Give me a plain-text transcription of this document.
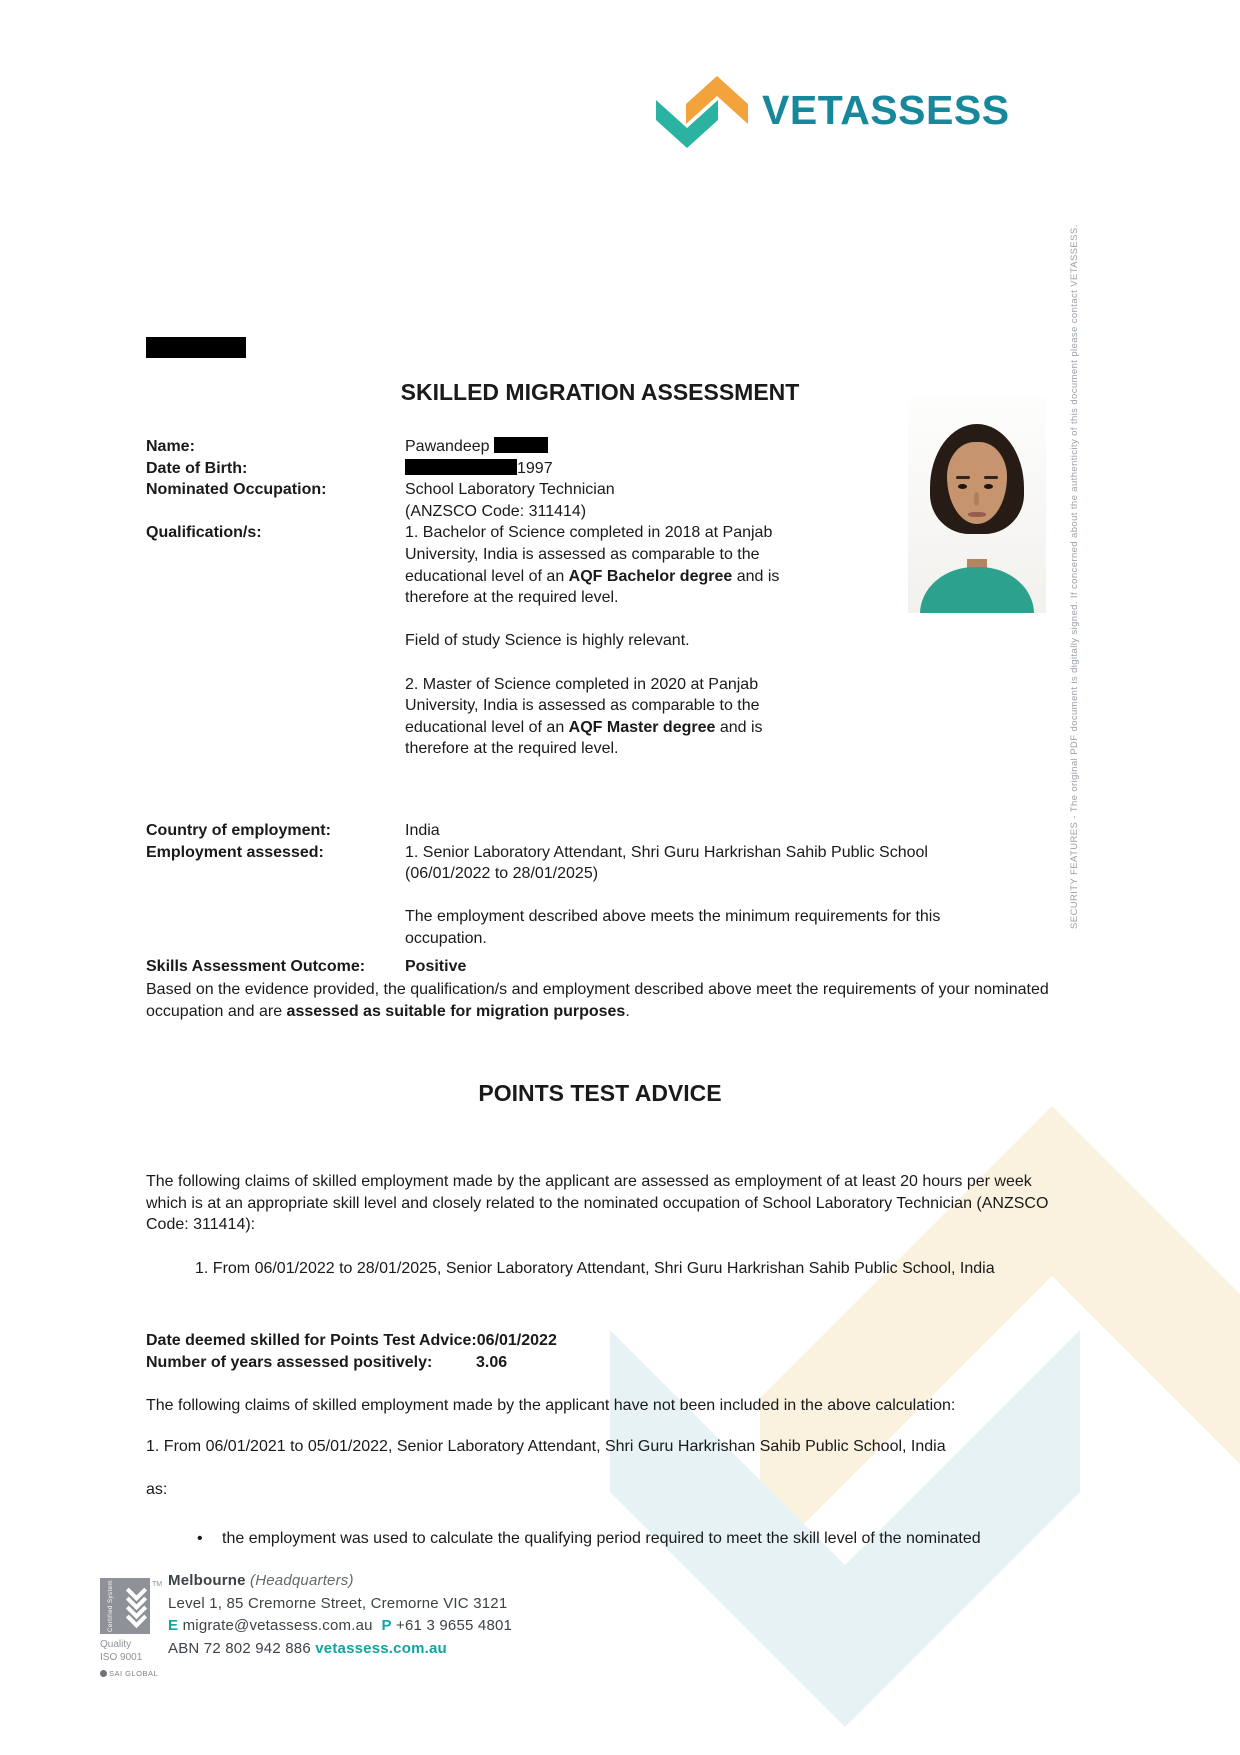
VETASSESS
SECURITY FEATURES - The original PDF document is digitally signed. If concerned about the authenticity of this document please contact VETASSESS.
SKILLED MIGRATION ASSESSMENT
Name:	Pawandeep
Date of Birth:	1997
Nominated Occupation:	School Laboratory Technician
(ANZSCO Code: 311414)
Qualification/s:	1. Bachelor of Science completed in 2018 at Panjab University, India is assessed as comparable to the educational level of an AQF Bachelor degree and is therefore at the required level.
Field of study Science is highly relevant.
2. Master of Science completed in 2020 at Panjab University, India is assessed as comparable to the educational level of an AQF Master degree and is therefore at the required level.
Country of employment:	India
Employment assessed:	1. Senior Laboratory Attendant, Shri Guru Harkrishan Sahib Public School (06/01/2022 to 28/01/2025)
The employment described above meets the minimum requirements for this occupation.
Skills Assessment Outcome:	Positive
Based on the evidence provided, the qualification/s and employment described above meet the requirements of your nominated occupation and are assessed as suitable for migration purposes.
POINTS TEST ADVICE
The following claims of skilled employment made by the applicant are assessed as employment of at least 20 hours per week which is at an appropriate skill level and closely related to the nominated occupation of School Laboratory Technician (ANZSCO Code: 311414):
1. From 06/01/2022 to 28/01/2025, Senior Laboratory Attendant, Shri Guru Harkrishan Sahib Public School, India
Date deemed skilled for Points Test Advice: 06/01/2022
Number of years assessed positively:	3.06
The following claims of skilled employment made by the applicant have not been included in the above calculation:
1. From 06/01/2021 to 05/01/2022, Senior Laboratory Attendant, Shri Guru Harkrishan Sahib Public School, India
as:
•
the employment was used to calculate the qualifying period required to meet the skill level of the nominated
Certified System	TM
Quality
ISO 9001
SAI GLOBAL
Melbourne (Headquarters)
Level 1, 85 Cremorne Street, Cremorne VIC 3121
E migrate@vetassess.com.au P +61 3 9655 4801
ABN 72 802 942 886 vetassess.com.au
